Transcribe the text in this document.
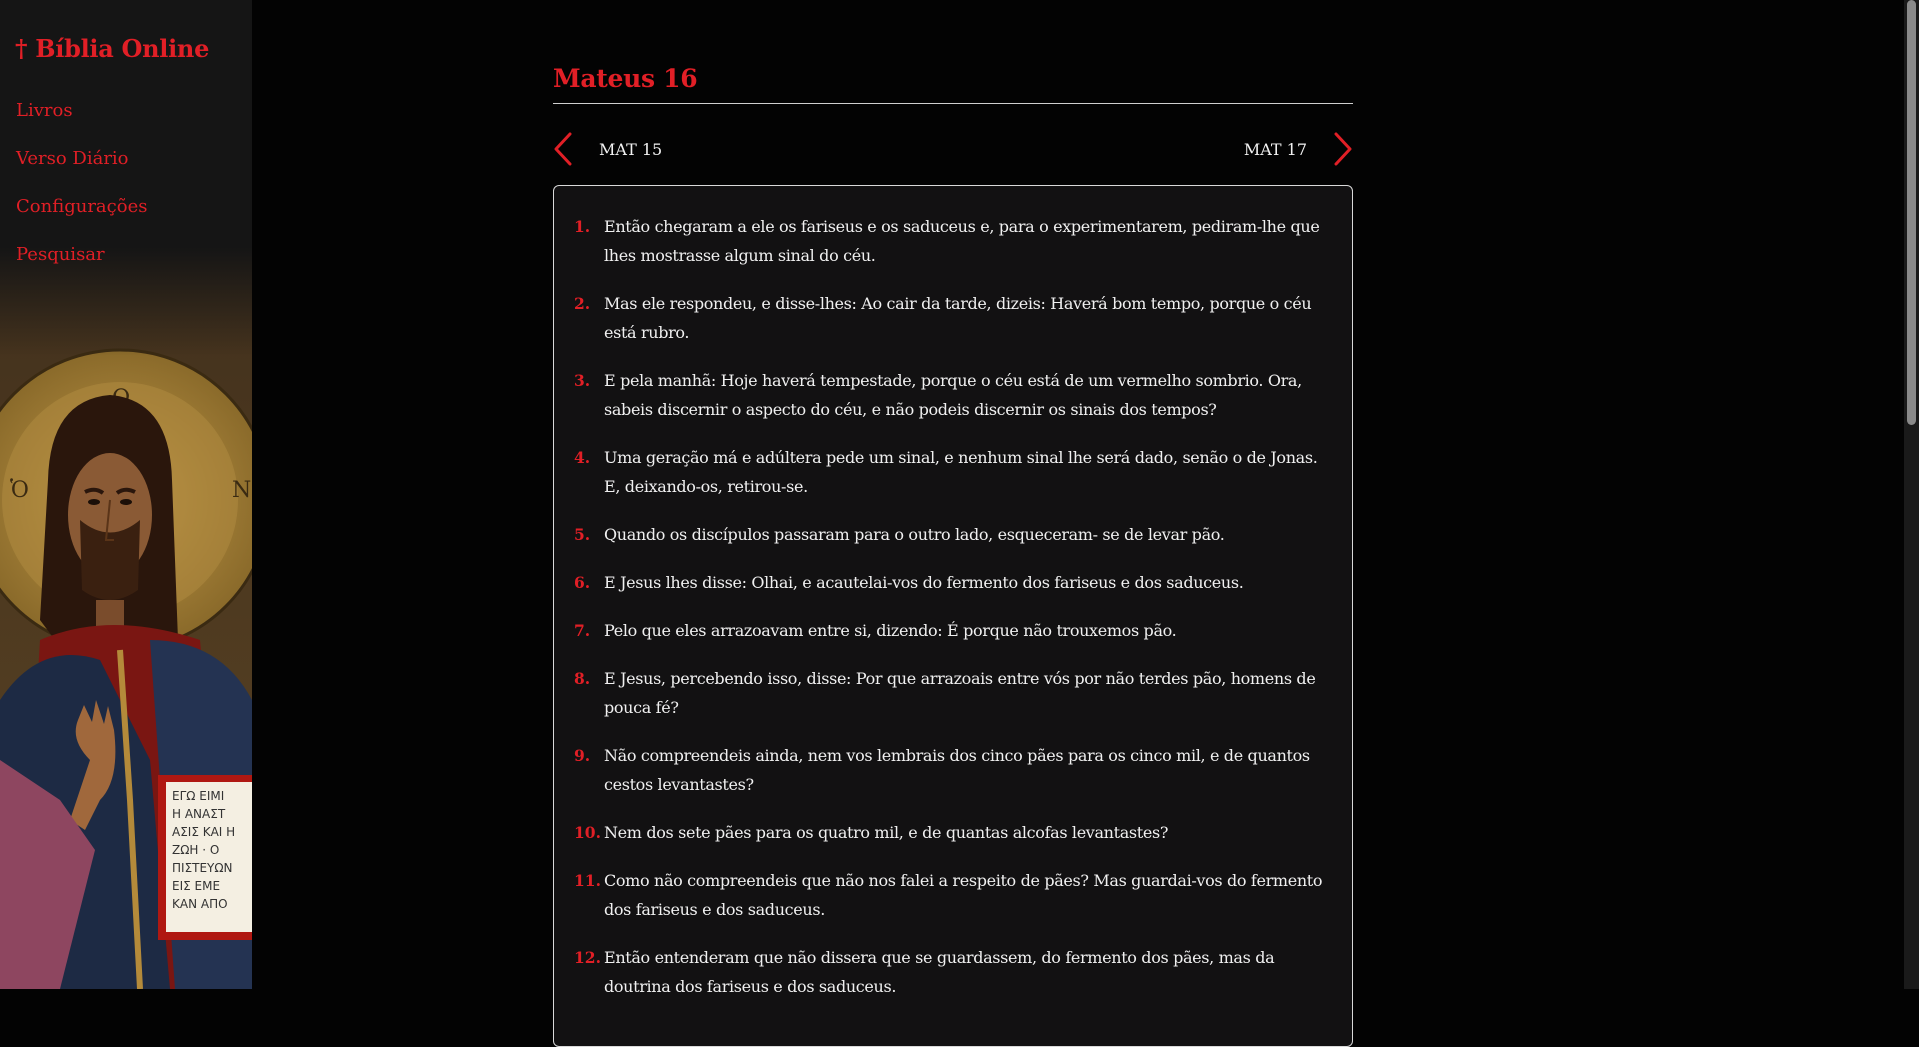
† Bíblia Online
Livros
Verso Diário
Configurações
Pesquisar
Mateus 16
MAT 15	MAT 17
1. Então chegaram a ele os fariseus e os saduceus e, para o experimentarem, pediram-lhe que lhes mostrasse algum sinal do céu.
2. Mas ele respondeu, e disse-lhes: Ao cair da tarde, dizeis: Haverá bom tempo, porque o céu está rubro.
3. E pela manhã: Hoje haverá tempestade, porque o céu está de um vermelho sombrio. Ora, sabeis discernir o aspecto do céu, e não podeis discernir os sinais dos tempos?
4. Uma geração má e adúltera pede um sinal, e nenhum sinal lhe será dado, senão o de Jonas. E, deixando-os, retirou-se.
5. Quando os discípulos passaram para o outro lado, esqueceram- se de levar pão.
6. E Jesus lhes disse: Olhai, e acautelai-vos do fermento dos fariseus e dos saduceus.
7. Pelo que eles arrazoavam entre si, dizendo: É porque não trouxemos pão.
8. E Jesus, percebendo isso, disse: Por que arrazoais entre vós por não terdes pão, homens de pouca fé?
9. Não compreendeis ainda, nem vos lembrais dos cinco pães para os cinco mil, e de quantos cestos levantastes?
10. Nem dos sete pães para os quatro mil, e de quantas alcofas levantastes?
11. Como não compreendeis que não nos falei a respeito de pães? Mas guardai-vos do fermento dos fariseus e dos saduceus.
12. Então entenderam que não dissera que se guardassem, do fermento dos pães, mas da doutrina dos fariseus e dos saduceus.
